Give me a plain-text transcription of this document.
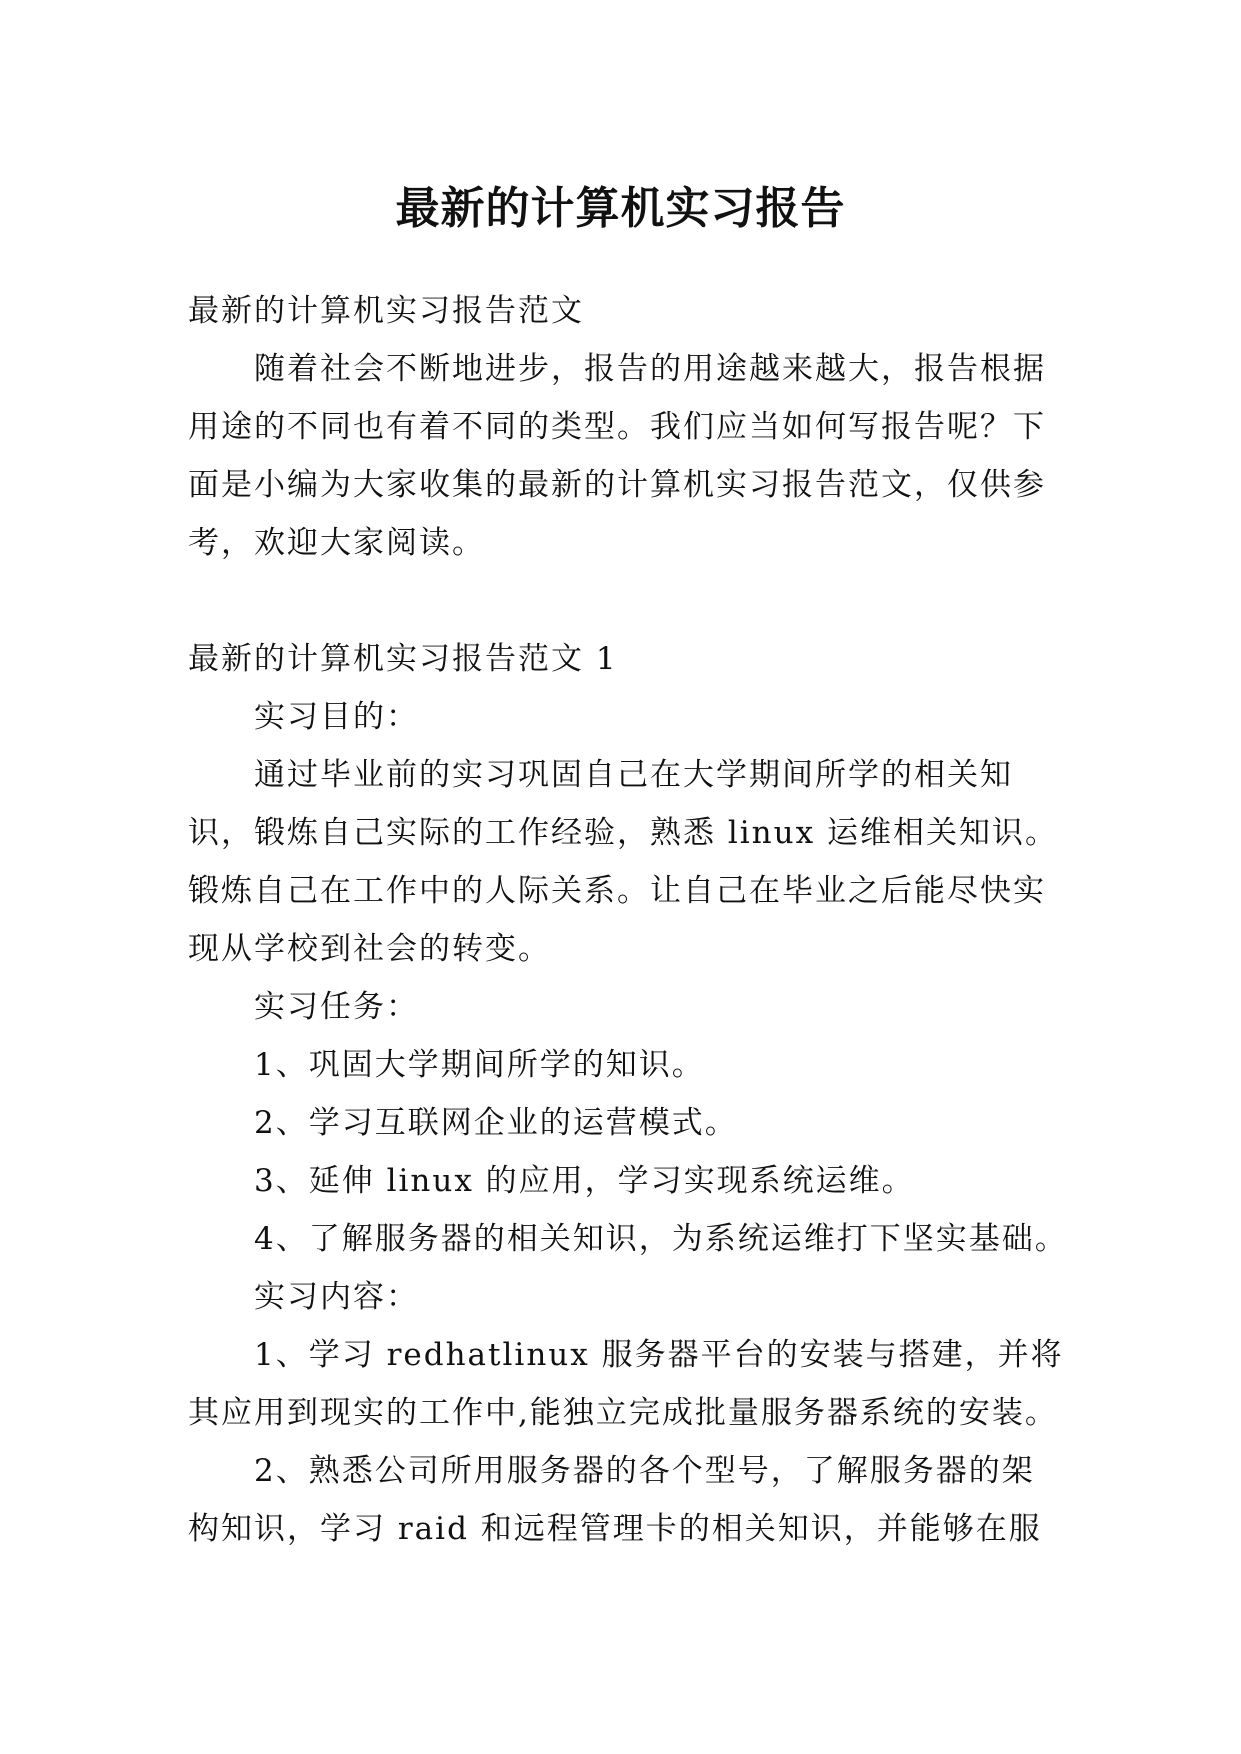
最新的计算机实习报告

最新的计算机实习报告范文

随着社会不断地进步，报告的用途越来越大，报告根据

用途的不同也有着不同的类型。我们应当如何写报告呢？下

面是小编为大家收集的最新的计算机实习报告范文，仅供参

考，欢迎大家阅读。

最新的计算机实习报告范文 1

实习目的：

通过毕业前的实习巩固自己在大学期间所学的相关知

识，锻炼自己实际的工作经验，熟悉 linux 运维相关知识。

锻炼自己在工作中的人际关系。让自己在毕业之后能尽快实

现从学校到社会的转变。

实习任务：

1、巩固大学期间所学的知识。

2、学习互联网企业的运营模式。

3、延伸 linux 的应用，学习实现系统运维。

4、了解服务器的相关知识，为系统运维打下坚实基础。

实习内容：

1、学习 redhatlinux 服务器平台的安装与搭建，并将

其应用到现实的工作中,能独立完成批量服务器系统的安装。

2、熟悉公司所用服务器的各个型号，了解服务器的架

构知识，学习 raid 和远程管理卡的相关知识，并能够在服
